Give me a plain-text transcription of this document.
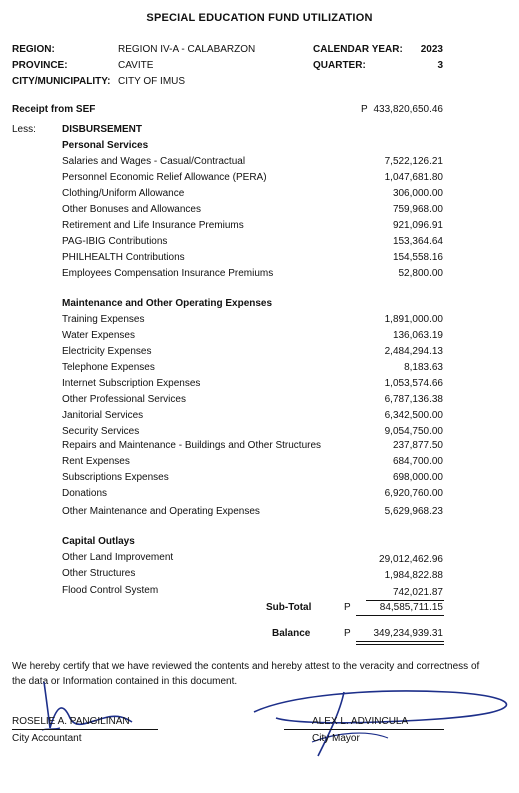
SPECIAL EDUCATION FUND UTILIZATION
REGION:	REGION IV-A - CALABARZON
PROVINCE:	CAVITE
CITY/MUNICIPALITY: CITY OF IMUS
CALENDAR YEAR: 2023
QUARTER:	3
Receipt from SEF	P 433,820,650.46
Less:	DISBURSEMENT
Personal Services
Salaries and Wages - Casual/Contractual	7,522,126.21
Personnel Economic Relief Allowance (PERA)	1,047,681.80
Clothing/Uniform Allowance	306,000.00
Other Bonuses and Allowances	759,968.00
Retirement and Life Insurance Premiums	921,096.91
PAG-IBIG Contributions	153,364.64
PHILHEALTH Contributions	154,558.16
Employees Compensation Insurance Premiums	52,800.00
Maintenance and Other Operating Expenses
Training Expenses	1,891,000.00
Water Expenses	136,063.19
Electricity Expenses	2,484,294.13
Telephone Expenses	8,183.63
Internet Subscription Expenses	1,053,574.66
Other Professional Services	6,787,136.38
Janitorial Services	6,342,500.00
Security Services	9,054,750.00
Repairs and Maintenance - Buildings and Other Structures	237,877.50
Rent Expenses	684,700.00
Subscriptions Expenses	698,000.00
Donations	6,920,760.00
Other Maintenance and Operating Expenses	5,629,968.23
Capital Outlays
Other Land Improvement	29,012,462.96
Other Structures	1,984,822.88
Flood Control System	742,021.87
Sub-Total	P	84,585,711.15
Balance	P 349,234,939.31
We hereby certify that we have reviewed the contents and hereby attest to the veracity and correctness of the data or Information contained in this document.
ROSELIE A. PANGILINAN
City Accountant
ALEX L. ADVINCULA
City Mayor
